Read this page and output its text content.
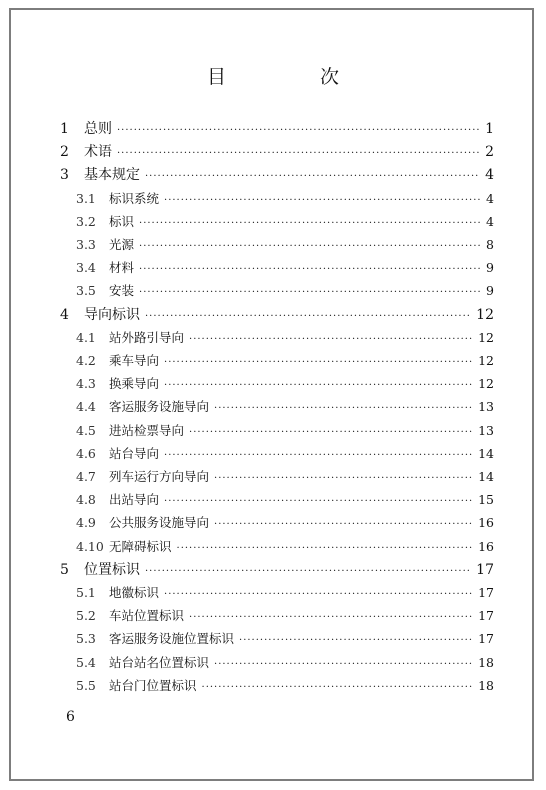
目 次
1	总则 ·····	1
2	术语 ·····	2
3	基本规定 ·····	4
3.1	标识系统 ·····	4
3.2	标识 ·····	4
3.3	光源 ·····	8
3.4	材料 ·····	9
3.5	安装 ·····	9
4	导向标识 ·····	12
4.1	站外路引导向 ·····	12
4.2	乘车导向 ·····	12
4.3	换乘导向 ·····	12
4.4	客运服务设施导向 ·····	13
4.5	进站检票导向 ·····	13
4.6	站台导向 ·····	14
4.7	列车运行方向导向 ·····	14
4.8	出站导向 ·····	15
4.9	公共服务设施导向 ·····	16
4.10 无障碍标识 ·····	16
5	位置标识 ·····	17
5.1	地徽标识 ·····	17
5.2	车站位置标识 ·····	17
5.3	客运服务设施位置标识 ·····	17
5.4	站台站名位置标识 ·····	18
5.5	站台门位置标识 ·····	18
6
